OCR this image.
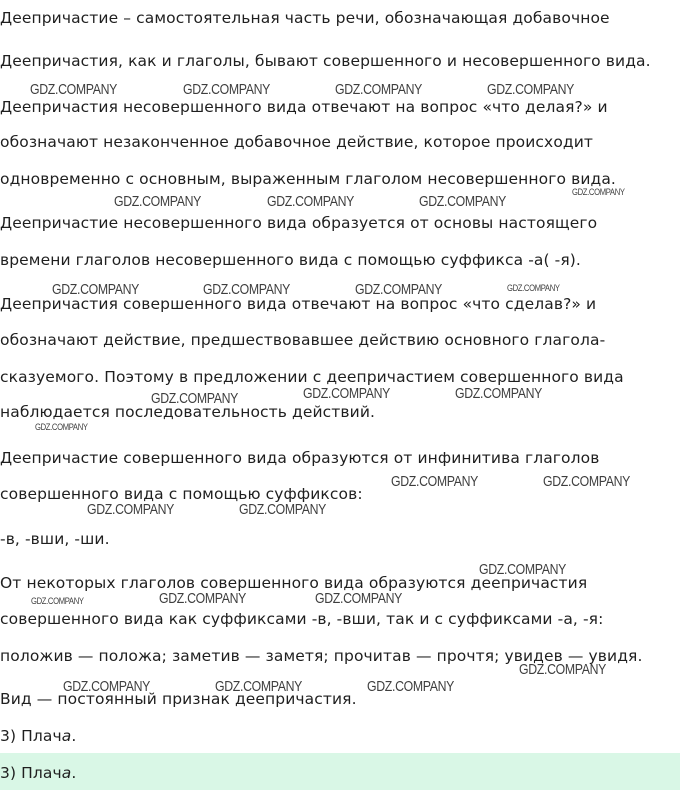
Деепричастие – самостоятельная часть речи, обозначающая добавочное
Деепричастия, как и глаголы, бывают совершенного и несовершенного вида.
Деепричастия несовершенного вида отвечают на вопрос «что делая?» и
обозначают незаконченное добавочное действие, которое происходит
одновременно с основным, выраженным глаголом несовершенного вида.
Деепричастие несовершенного вида образуется от основы настоящего
времени глаголов несовершенного вида с помощью суффикса -а( -я).
Деепричастия совершенного вида отвечают на вопрос «что сделав?» и
обозначают действие, предшествовавшее действию основного глагола-
сказуемого. Поэтому в предложении с деепричастием совершенного вида
наблюдается последовательность действий.
Деепричастие совершенного вида образуются от инфинитива глаголов
совершенного вида с помощью суффиксов:
-в, -вши, -ши.
От некоторых глаголов совершенного вида образуются деепричастия
совершенного вида как суффиксами -в, -вши, так и с суффиксами -а, -я:
положив — положа; заметив — заметя; прочитав — прочтя; увидев — увидя.
Вид — постоянный признак деепричастия.
3) Плача.
3) Плача.
GDZ.COMPANY	GDZ.COMPANY	GDZ.COMPANY	GDZ.COMPANY
GDZ.COMPANY
GDZ.COMPANY	GDZ.COMPANY	GDZ.COMPANY
GDZ.COMPANY	GDZ.COMPANY	GDZ.COMPANY	GDZ.COMPANY
GDZ.COMPANY	GDZ.COMPANY
GDZ.COMPANY
GDZ.COMPANY
GDZ.COMPANY	GDZ.COMPANY
GDZ.COMPANY	GDZ.COMPANY
GDZ.COMPANY
GDZ.COMPANY	GDZ.COMPANY	GDZ.COMPANY
GDZ.COMPANY
GDZ.COMPANY	GDZ.COMPANY	GDZ.COMPANY
